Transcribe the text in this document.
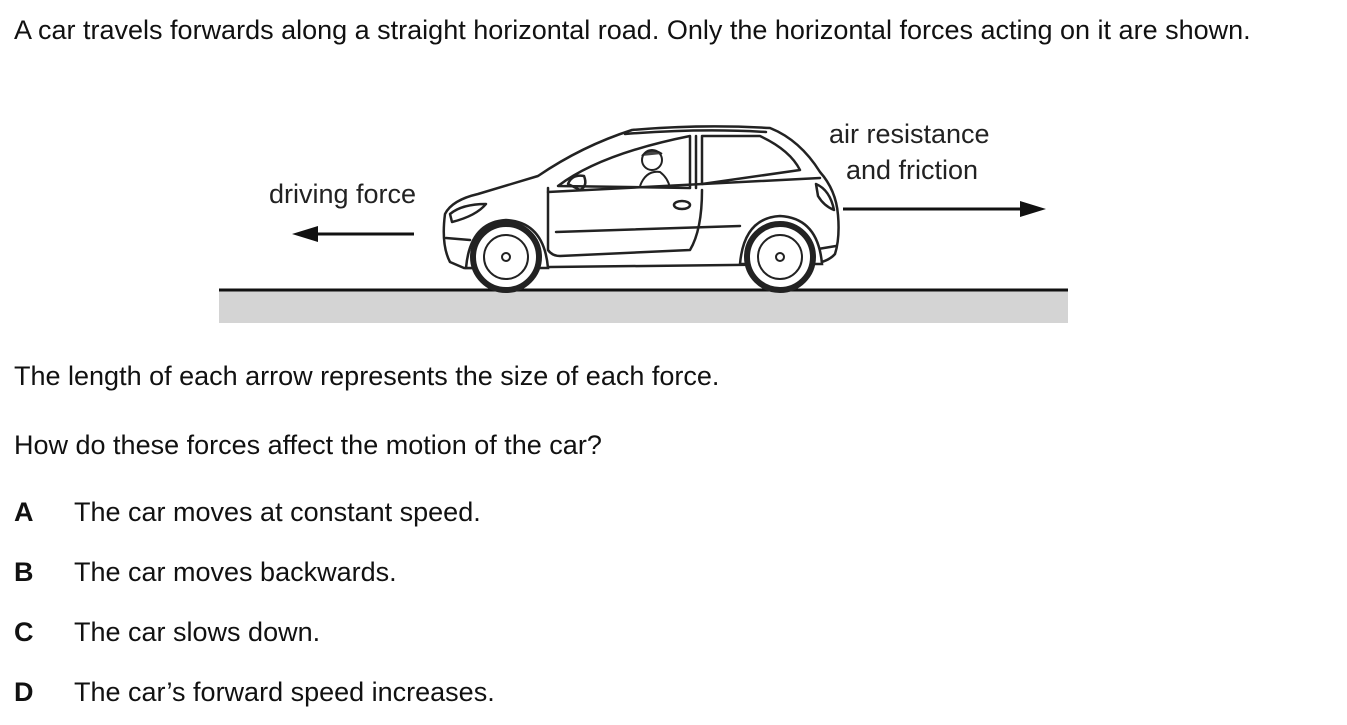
A car travels forwards along a straight horizontal road. Only the horizontal forces acting on it are shown.
driving force
air resistance
and friction
The length of each arrow represents the size of each force.
How do these forces affect the motion of the car?
A The car moves at constant speed.
B The car moves backwards.
C The car slows down.
D The car’s forward speed increases.
